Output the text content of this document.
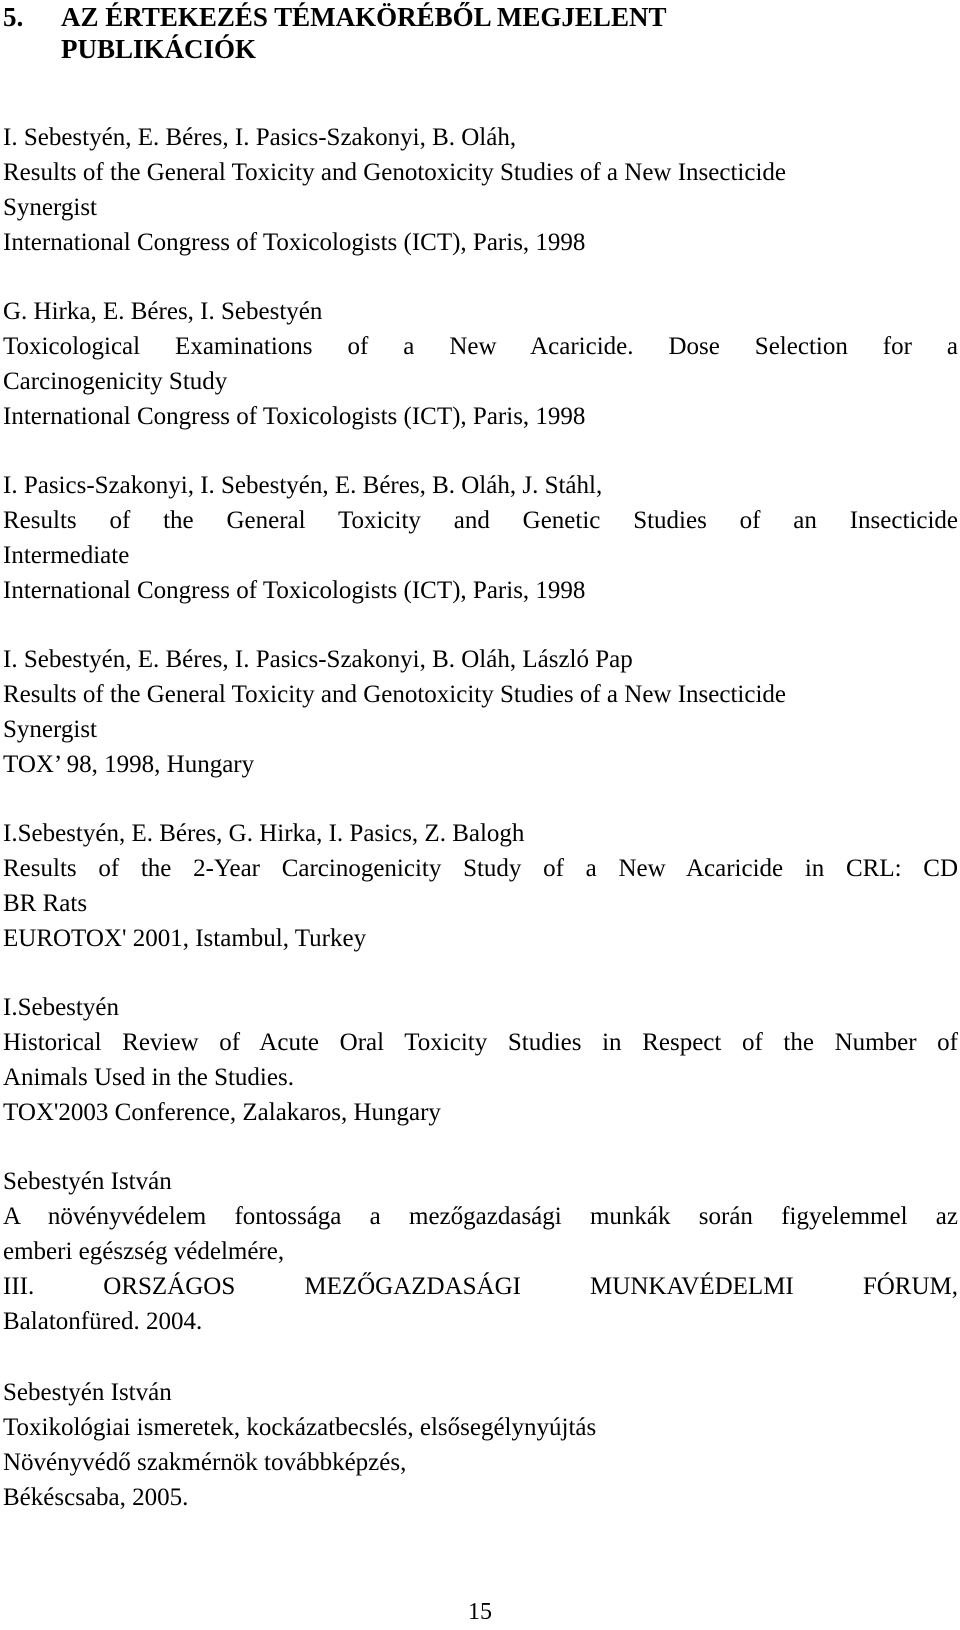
5.	AZ ÉRTEKEZÉS TÉMAKÖRÉBŐL MEGJELENT
PUBLIKÁCIÓK
I. Sebestyén, E. Béres, I. Pasics-Szakonyi, B. Oláh,
Results of the General Toxicity and Genotoxicity Studies of a New Insecticide
Synergist
International Congress of Toxicologists (ICT), Paris, 1998
G. Hirka, E. Béres, I. Sebestyén
Toxicological Examinations of a New Acaricide. Dose Selection for a
Carcinogenicity Study
International Congress of Toxicologists (ICT), Paris, 1998
I. Pasics-Szakonyi, I. Sebestyén, E. Béres, B. Oláh, J. Stáhl,
Results of the General Toxicity and Genetic Studies of an Insecticide
Intermediate
International Congress of Toxicologists (ICT), Paris, 1998
I. Sebestyén, E. Béres, I. Pasics-Szakonyi, B. Oláh, László Pap
Results of the General Toxicity and Genotoxicity Studies of a New Insecticide
Synergist
TOX’ 98, 1998, Hungary
I.Sebestyén, E. Béres, G. Hirka, I. Pasics, Z. Balogh
Results of the 2-Year Carcinogenicity Study of a New Acaricide in CRL: CD
BR Rats
EUROTOX' 2001, Istambul, Turkey
I.Sebestyén
Historical Review of Acute Oral Toxicity Studies in Respect of the Number of
Animals Used in the Studies.
TOX'2003 Conference, Zalakaros, Hungary
Sebestyén István
A növényvédelem fontossága a mezőgazdasági munkák során figyelemmel az
emberi egészség védelmére,
III. ORSZÁGOS MEZŐGAZDASÁGI MUNKAVÉDELMI FÓRUM,
Balatonfüred. 2004.
Sebestyén István
Toxikológiai ismeretek, kockázatbecslés, elsősegélynyújtás
Növényvédő szakmérnök továbbképzés,
Békéscsaba, 2005.
15
